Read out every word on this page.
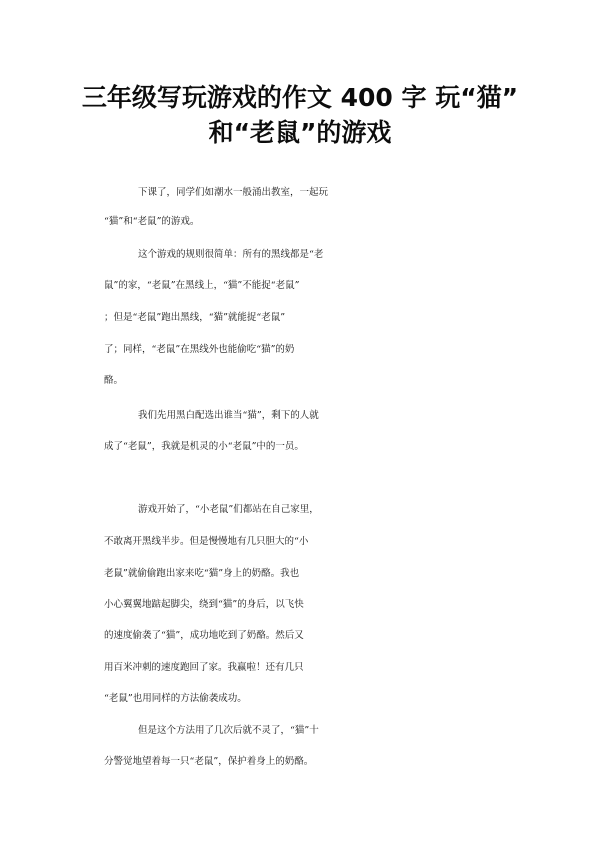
三年级写玩游戏的作文 400 字 玩“猫”
和“老鼠”的游戏
下课了，同学们如潮水一般涌出教室，一起玩
“猫”和“老鼠”的游戏。
这个游戏的规则很简单：所有的黑线都是“老
鼠”的家，“老鼠”在黑线上，“猫”不能捉“老鼠”
；但是“老鼠”跑出黑线，“猫”就能捉“老鼠”
了；同样，“老鼠”在黑线外也能偷吃“猫”的奶
酪。
我们先用黑白配选出谁当“猫”，剩下的人就
成了“老鼠”，我就是机灵的小“老鼠”中的一员。
游戏开始了，“小老鼠”们都站在自己家里，
不敢离开黑线半步。但是慢慢地有几只胆大的“小
老鼠”就偷偷跑出家来吃“猫”身上的奶酪。我也
小心翼翼地踮起脚尖，绕到“猫”的身后，以飞快
的速度偷袭了“猫”，成功地吃到了奶酪。然后又
用百米冲刺的速度跑回了家。我赢啦！还有几只
“老鼠”也用同样的方法偷袭成功。
但是这个方法用了几次后就不灵了，“猫”十
分警觉地望着每一只“老鼠”，保护着身上的奶酪。
